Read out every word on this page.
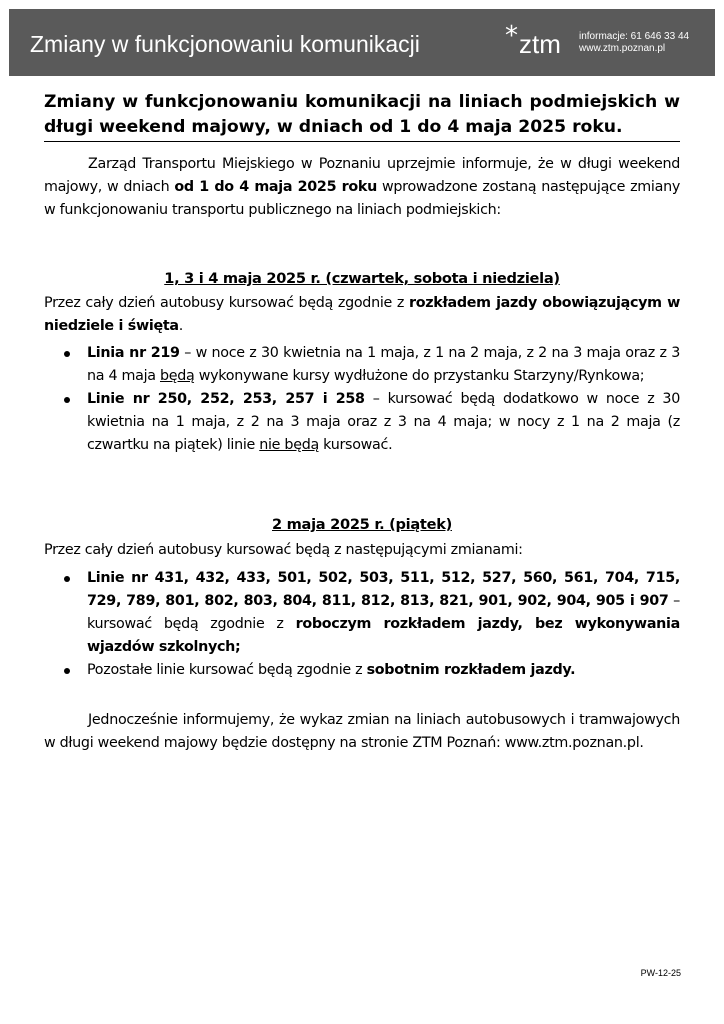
Zmiany w funkcjonowaniu komunikacji	* ztm informacje: 61 646 33 44
www.ztm.poznan.pl
Zmiany w funkcjonowaniu komunikacji na liniach podmiejskich w długi weekend majowy, w dniach od 1 do 4 maja 2025 roku.
Zarząd Transportu Miejskiego w Poznaniu uprzejmie informuje, że w długi weekend majowy, w dniach od 1 do 4 maja 2025 roku wprowadzone zostaną następujące zmiany w funkcjonowaniu transportu publicznego na liniach podmiejskich:
1, 3 i 4 maja 2025 r. (czwartek, sobota i niedziela)
Przez cały dzień autobusy kursować będą zgodnie z rozkładem jazdy obowiązującym w niedziele i święta.
Linia nr 219 – w noce z 30 kwietnia na 1 maja, z 1 na 2 maja, z 2 na 3 maja oraz z 3 na 4 maja będą wykonywane kursy wydłużone do przystanku Starzyny/Rynkowa;
Linie nr 250, 252, 253, 257 i 258 – kursować będą dodatkowo w noce z 30 kwietnia na 1 maja, z 2 na 3 maja oraz z 3 na 4 maja; w nocy z 1 na 2 maja (z czwartku na piątek) linie nie będą kursować.
2 maja 2025 r. (piątek)
Przez cały dzień autobusy kursować będą z następującymi zmianami:
Linie nr 431, 432, 433, 501, 502, 503, 511, 512, 527, 560, 561, 704, 715, 729, 789, 801, 802, 803, 804, 811, 812, 813, 821, 901, 902, 904, 905 i 907 – kursować będą zgodnie z roboczym rozkładem jazdy, bez wykonywania wjazdów szkolnych;
Pozostałe linie kursować będą zgodnie z sobotnim rozkładem jazdy.
Jednocześnie informujemy, że wykaz zmian na liniach autobusowych i tramwajowych w długi weekend majowy będzie dostępny na stronie ZTM Poznań: www.ztm.poznan.pl.
PW-12-25
